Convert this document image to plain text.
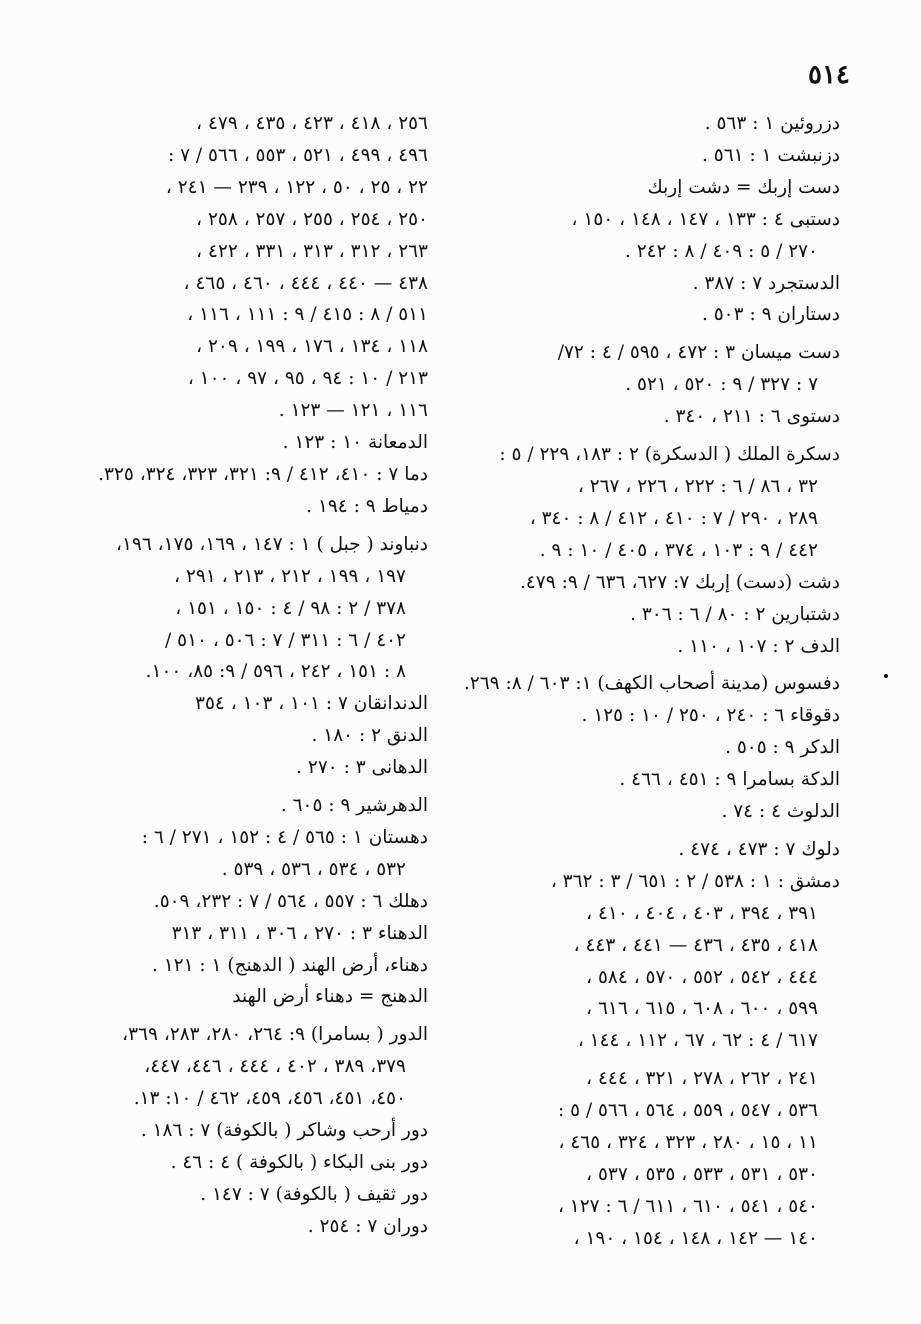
٥١٤

دزروئين ١ : ٥٦٣ .

دزنبشت ١ : ٥٦١ .

دست إربك = دشت إربك

دستبى ٤ : ١٣٣ ، ١٤٧ ، ١٤٨ ، ١٥٠ ،

٢٧٠ / ٥ : ٤٠٩ / ٨ : ٢٤٢ .

الدستجرد ٧ : ٣٨٧ .

دستاران ٩ : ٥٠٣ .

دست ميسان ٣ : ٤٧٢ ، ٥٩٥ / ٤ : ٧٢/

٧ : ٣٢٧ / ٩ : ٥٢٠ ، ٥٢١ .

دستوى ٦ : ٢١١ ، ٣٤٠ .

دسكرة الملك ( الدسكرة) ٢ : ١٨٣، ٢٢٩ / ٥ :

٣٢ ، ٨٦ / ٦ : ٢٢٢ ، ٢٢٦ ، ٢٦٧ ،

٢٨٩ ، ٢٩٠ / ٧ : ٤١٠ ، ٤١٢ / ٨ : ٣٤٠ ،

٤٤٢ / ٩ : ١٠٣ ، ٣٧٤ ، ٤٠٥ / ١٠ : ٩ .

دشت (دست) إربك ٧: ٦٢٧، ٦٣٦ / ٩: ٤٧٩.

دشتبارين ٢ : ٨٠ / ٦ : ٣٠٦ .

الدف ٢ : ١٠٧ ، ١١٠ .

دفسوس (مدينة أصحاب الكهف) ١: ٦٠٣ / ٨: ٢٦٩.

دقوقاء ٦ : ٢٤٠ ، ٢٥٠ / ١٠ : ١٢٥ .

الدكر ٩ : ٥٠٥ .

الدكة بسامرا ٩ : ٤٥١ ، ٤٦٦ .

الدلوث ٤ : ٧٤ .

دلوك ٧ : ٤٧٣ ، ٤٧٤ .

دمشق : ١ : ٥٣٨ / ٢ : ٦٥١ / ٣ : ٣٦٢ ،

٣٩١ ، ٣٩٤ ، ٤٠٣ ، ٤٠٤ ، ٤١٠ ،

٤١٨ ، ٤٣٥ ، ٤٣٦ — ٤٤١ ، ٤٤٣ ،

٤٤٤ ، ٥٤٢ ، ٥٥٢ ، ٥٧٠ ، ٥٨٤ ،

٥٩٩ ، ٦٠٠ ، ٦٠٨ ، ٦١٥ ، ٦١٦ ،

٦١٧ / ٤ : ٦٢ ، ٦٧ ، ١١٢ ، ١٤٤ ،

٢٤١ ، ٢٦٢ ، ٢٧٨ ، ٣٢١ ، ٤٤٤ ،

٥٣٦ ، ٥٤٧ ، ٥٥٩ ، ٥٦٤ ، ٥٦٦ / ٥ :

١١ ، ١٥ ، ٢٨٠ ، ٣٢٣ ، ٣٢٤ ، ٤٦٥ ،

٥٣٠ ، ٥٣١ ، ٥٣٣ ، ٥٣٥ ، ٥٣٧ ،

٥٤٠ ، ٥٤١ ، ٦١٠ ، ٦١١ / ٦ : ١٢٧ ،

١٤٠ — ١٤٢ ، ١٤٨ ، ١٥٤ ، ١٩٠ ،

٢٥٦ ، ٤١٨ ، ٤٢٣ ، ٤٣٥ ، ٤٧٩ ،

٤٩٦ ، ٤٩٩ ، ٥٢١ ، ٥٥٣ ، ٥٦٦ / ٧ :

٢٢ ، ٢٥ ، ٥٠ ، ١٢٢ ، ٢٣٩ — ٢٤١ ،

٢٥٠ ، ٢٥٤ ، ٢٥٥ ، ٢٥٧ ، ٢٥٨ ،

٢٦٣ ، ٣١٢ ، ٣١٣ ، ٣٣١ ، ٤٢٢ ،

٤٣٨ — ٤٤٠ ، ٤٤٤ ، ٤٦٠ ، ٤٦٥ ،

٥١١ / ٨ : ٤١٥ / ٩ : ١١١ ، ١١٦ ،

١١٨ ، ١٣٤ ، ١٧٦ ، ١٩٩ ، ٢٠٩ ،

٢١٣ / ١٠ : ٩٤ ، ٩٥ ، ٩٧ ، ١٠٠ ،

١١٦ ، ١٢١ — ١٢٣ .

الدمعانة ١٠ : ١٢٣ .

دما ٧ : ٤١٠، ٤١٢ / ٩: ٣٢١، ٣٢٣، ٣٢٤، ٣٢٥.

دمياط ٩ : ١٩٤ .

دنباوند ( جبل ) ١ : ١٤٧ ، ١٦٩، ١٧٥، ١٩٦،

١٩٧ ، ١٩٩ ، ٢١٢ ، ٢١٣ ، ٢٩١ ،

٣٧٨ / ٢ : ٩٨ / ٤ : ١٥٠ ، ١٥١ ،

٤٠٢ / ٦ : ٣١١ / ٧ : ٥٠٦ ، ٥١٠ /

٨ : ١٥١ ، ٢٤٢ ، ٥٩٦ / ٩: ٨٥، ١٠٠.

الدندانقان ٧ : ١٠١ ، ١٠٣ ، ٣٥٤

الدنق ٢ : ١٨٠ .

الدهانى ٣ : ٢٧٠ .

الدهرشير ٩ : ٦٠٥ .

دهستان ١ : ٥٦٥ / ٤ : ١٥٢ ، ٢٧١ / ٦ :

٥٣٢ ، ٥٣٤ ، ٥٣٦ ، ٥٣٩ .

دهلك ٦ : ٥٥٧ ، ٥٦٤ / ٧ : ٢٣٢، ٥٠٩.

الدهناء ٣ : ٢٧٠ ، ٣٠٦ ، ٣١١ ، ٣١٣

دهناء، أرض الهند ( الدهنج) ١ : ١٢١ .

الدهنج = دهناء أرض الهند

الدور ( بسامرا) ٩: ٢٦٤، ٢٨٠، ٢٨٣، ٣٦٩،

٣٧٩، ٣٨٩ ، ٤٠٢ ، ٤٤٤ ، ٤٤٦، ٤٤٧،

٤٥٠، ٤٥١، ٤٥٦، ٤٥٩، ٤٦٢ / ١٠: ١٣.

دور أرحب وشاكر ( بالكوفة) ٧ : ١٨٦ .

دور بنى البكاء ( بالكوفة ) ٤ : ٤٦ .

دور ثقيف ( بالكوفة) ٧ : ١٤٧ .

دوران ٧ : ٢٥٤ .
